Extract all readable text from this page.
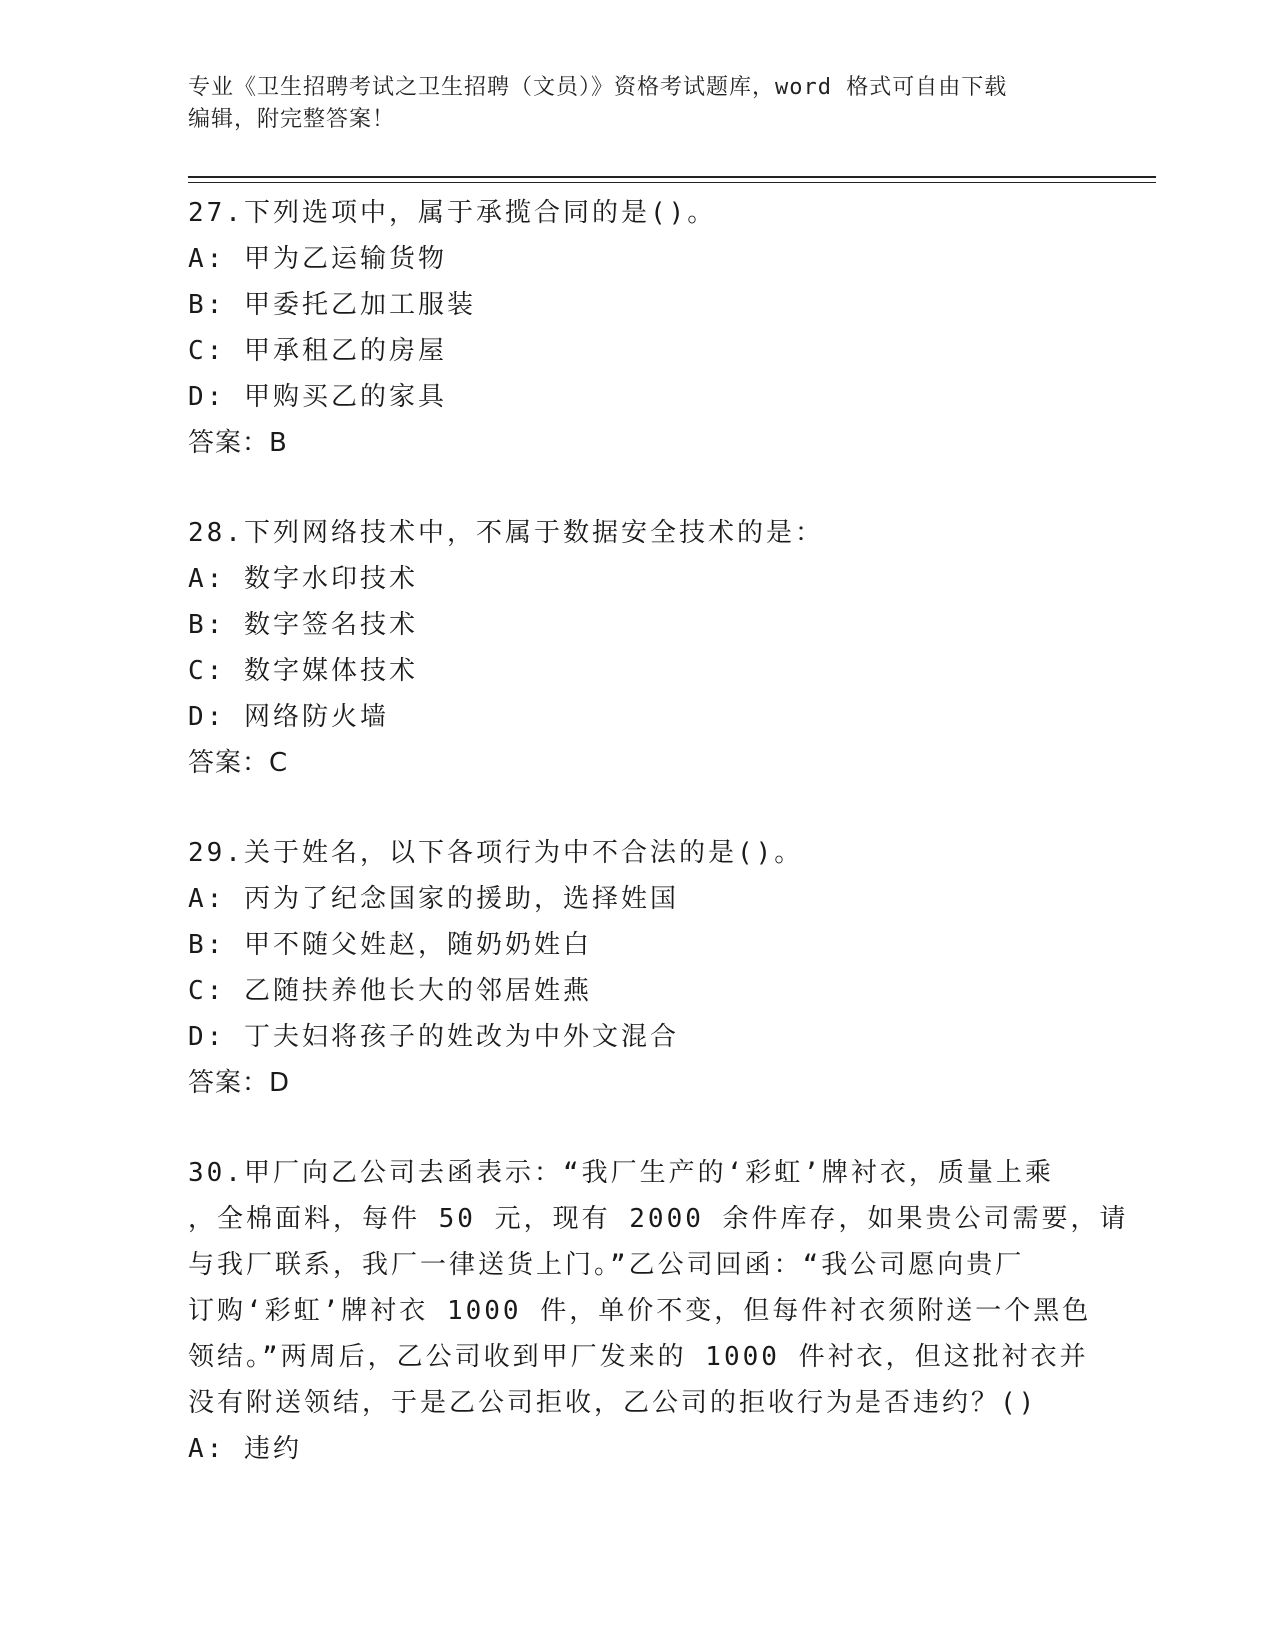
专业《卫生招聘考试之卫生招聘（文员）》资格考试题库，word 格式可自由下载
编辑，附完整答案！
27.下列选项中，属于承揽合同的是()。
A: 甲为乙运输货物
B: 甲委托乙加工服装
C: 甲承租乙的房屋
D: 甲购买乙的家具
答案：B
28.下列网络技术中，不属于数据安全技术的是：
A: 数字水印技术
B: 数字签名技术
C: 数字媒体技术
D: 网络防火墙
答案：C
29.关于姓名，以下各项行为中不合法的是()。
A: 丙为了纪念国家的援助，选择姓国
B: 甲不随父姓赵，随奶奶姓白
C: 乙随扶养他长大的邻居姓燕
D: 丁夫妇将孩子的姓改为中外文混合
答案：D
30.甲厂向乙公司去函表示：“我厂生产的‘彩虹’牌衬衣，质量上乘
，全棉面料，每件 50 元，现有 2000 余件库存，如果贵公司需要，请
与我厂联系，我厂一律送货上门。”乙公司回函：“我公司愿向贵厂
订购‘彩虹’牌衬衣 1000 件，单价不变，但每件衬衣须附送一个黑色
领结。”两周后，乙公司收到甲厂发来的 1000 件衬衣，但这批衬衣并
没有附送领结，于是乙公司拒收，乙公司的拒收行为是否违约？()
A: 违约
